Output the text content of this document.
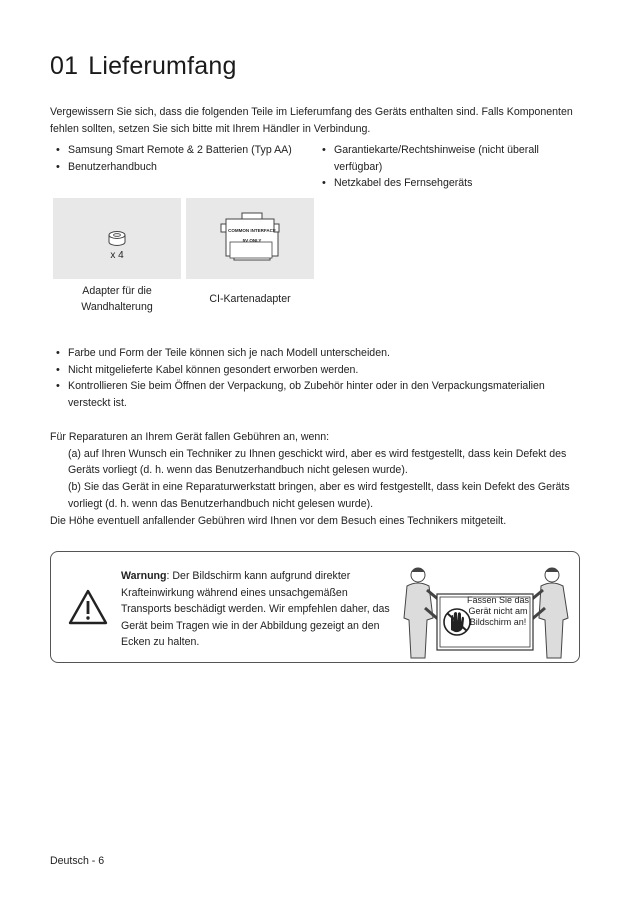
01 Lieferumfang

Vergewissern Sie sich, dass die folgenden Teile im Lieferumfang des Geräts enthalten sind. Falls Komponenten fehlen sollten, setzen Sie sich bitte mit Ihrem Händler in Verbindung.

• Samsung Smart Remote & 2 Batterien (Typ AA)
• Benutzerhandbuch
• Garantiekarte/Rechtshinweise (nicht überall verfügbar)
• Netzkabel des Fernsehgeräts
x 4
Adapter für die Wandhalterung
COMMON INTERFACE
5V ONLY
CI-Kartenadapter
• Farbe und Form der Teile können sich je nach Modell unterscheiden.
• Nicht mitgelieferte Kabel können gesondert erworben werden.
• Kontrollieren Sie beim Öffnen der Verpackung, ob Zubehör hinter oder in den Verpackungsmaterialien versteckt ist.

Für Reparaturen an Ihrem Gerät fallen Gebühren an, wenn:

(a) auf Ihren Wunsch ein Techniker zu Ihnen geschickt wird, aber es wird festgestellt, dass kein Defekt des Geräts vorliegt (d. h. wenn das Benutzerhandbuch nicht gelesen wurde).

(b) Sie das Gerät in eine Reparaturwerkstatt bringen, aber es wird festgestellt, dass kein Defekt des Geräts vorliegt (d. h. wenn das Benutzerhandbuch nicht gelesen wurde).

Die Höhe eventuell anfallender Gebühren wird Ihnen vor dem Besuch eines Technikers mitgeteilt.

Warnung: Der Bildschirm kann aufgrund direkter Krafteinwirkung während eines unsachgemäßen Transports beschädigt werden. Wir empfehlen daher, das Gerät beim Tragen wie in der Abbildung gezeigt an den Ecken zu halten.

Fassen Sie das Gerät nicht am Bildschirm an!
Deutsch - 6
